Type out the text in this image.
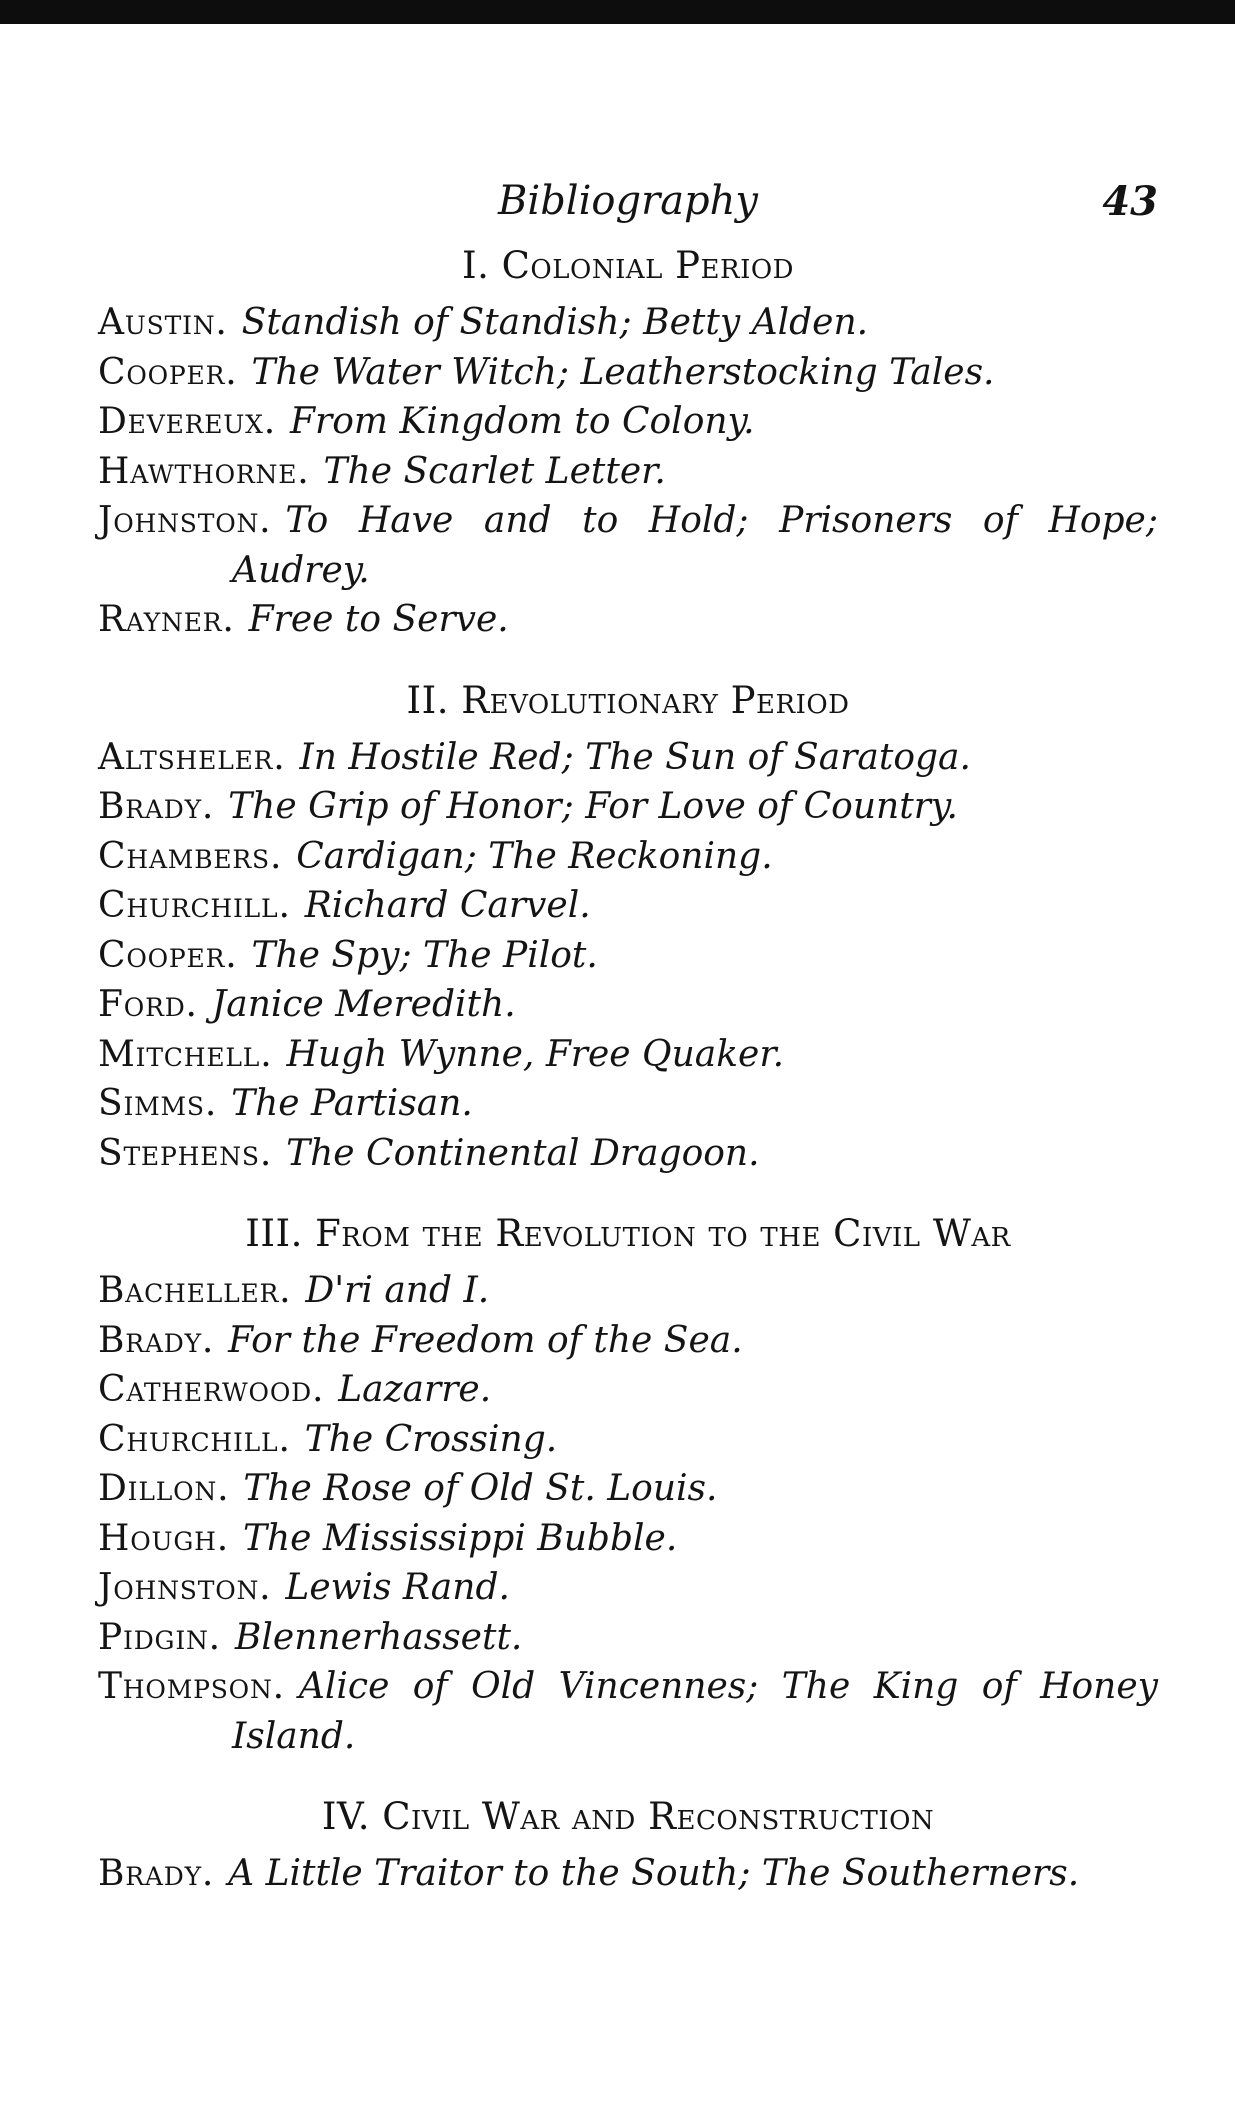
Bibliography	43
I. Colonial Period
Austin. Standish of Standish; Betty Alden.
Cooper. The Water Witch; Leatherstocking Tales.
Devereux. From Kingdom to Colony.
Hawthorne. The Scarlet Letter.
Johnston. To Have and to Hold; Prisoners of Hope; Audrey.
Rayner. Free to Serve.
II. Revolutionary Period
Altsheler. In Hostile Red; The Sun of Saratoga.
Brady. The Grip of Honor; For Love of Country.
Chambers. Cardigan; The Reckoning.
Churchill. Richard Carvel.
Cooper. The Spy; The Pilot.
Ford. Janice Meredith.
Mitchell. Hugh Wynne, Free Quaker.
Simms. The Partisan.
Stephens. The Continental Dragoon.
III. From the Revolution to the Civil War
Bacheller. D'ri and I.
Brady. For the Freedom of the Sea.
Catherwood. Lazarre.
Churchill. The Crossing.
Dillon. The Rose of Old St. Louis.
Hough. The Mississippi Bubble.
Johnston. Lewis Rand.
Pidgin. Blennerhassett.
Thompson. Alice of Old Vincennes; The King of Honey Island.
IV. Civil War and Reconstruction
Brady. A Little Traitor to the South; The Southerners.
